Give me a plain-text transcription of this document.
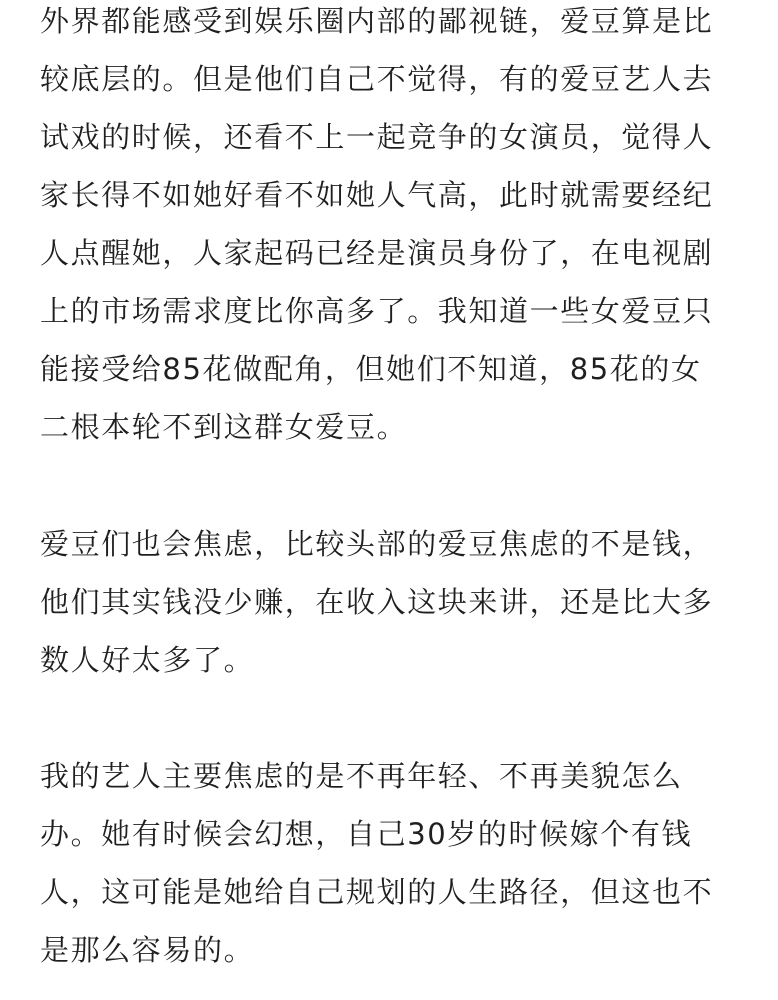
外界都能感受到娱乐圈内部的鄙视链，爱豆算是比
较底层的。但是他们自己不觉得，有的爱豆艺人去
试戏的时候，还看不上一起竞争的女演员，觉得人
家长得不如她好看不如她人气高，此时就需要经纪
人点醒她，人家起码已经是演员身份了，在电视剧
上的市场需求度比你高多了。我知道一些女爱豆只
能接受给85花做配角，但她们不知道，85花的女
二根本轮不到这群女爱豆。

爱豆们也会焦虑，比较头部的爱豆焦虑的不是钱，
他们其实钱没少赚，在收入这块来讲，还是比大多
数人好太多了。

我的艺人主要焦虑的是不再年轻、不再美貌怎么
办。她有时候会幻想，自己30岁的时候嫁个有钱
人，这可能是她给自己规划的人生路径，但这也不
是那么容易的。
